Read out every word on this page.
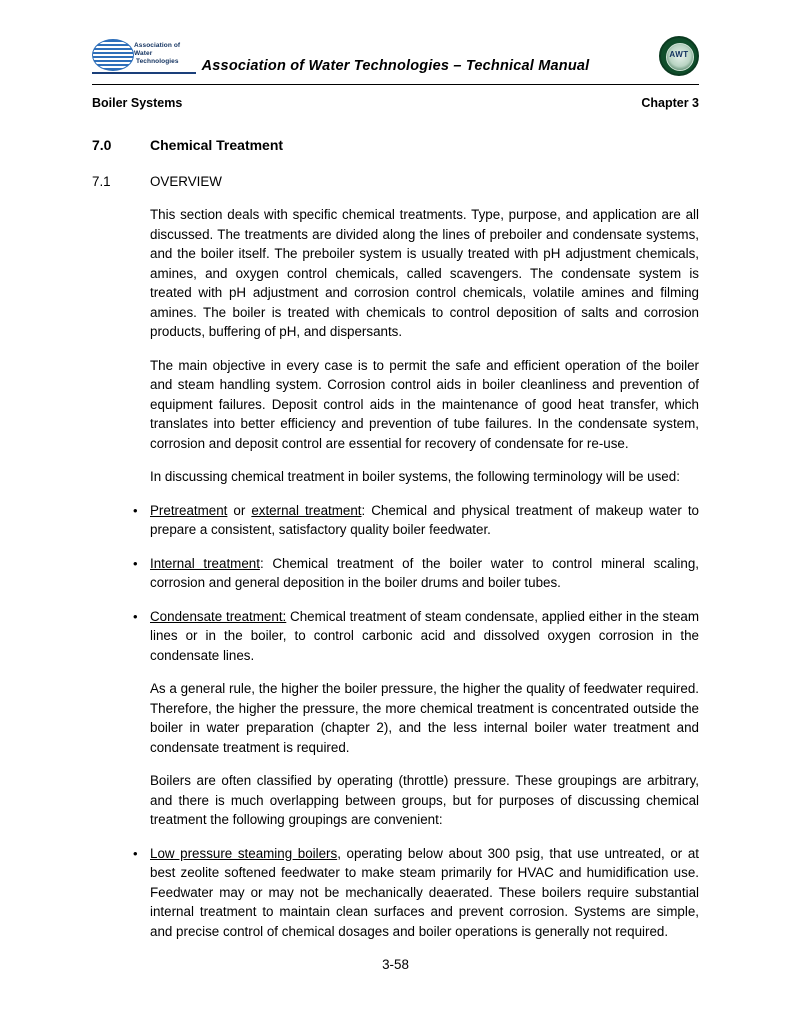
Association of Water
Technologies	Association of Water Technologies – Technical Manual
AWT
Boiler Systems	Chapter 3
7.0	Chemical Treatment
7.1	OVERVIEW

This section deals with specific chemical treatments. Type, purpose, and application are all discussed. The treatments are divided along the lines of preboiler and condensate systems, and the boiler itself. The preboiler system is usually treated with pH adjustment chemicals, amines, and oxygen control chemicals, called scavengers. The condensate system is treated with pH adjustment and corrosion control chemicals, volatile amines and filming amines. The boiler is treated with chemicals to control deposition of salts and corrosion products, buffering of pH, and dispersants.

The main objective in every case is to permit the safe and efficient operation of the boiler and steam handling system. Corrosion control aids in boiler cleanliness and prevention of equipment failures. Deposit control aids in the maintenance of good heat transfer, which translates into better efficiency and prevention of tube failures. In the condensate system, corrosion and deposit control are essential for recovery of condensate for re-use.

In discussing chemical treatment in boiler systems, the following terminology will be used:

• Pretreatment or external treatment: Chemical and physical treatment of makeup water to prepare a consistent, satisfactory quality boiler feedwater.
• Internal treatment: Chemical treatment of the boiler water to control mineral scaling, corrosion and general deposition in the boiler drums and boiler tubes.
• Condensate treatment: Chemical treatment of steam condensate, applied either in the steam lines or in the boiler, to control carbonic acid and dissolved oxygen corrosion in the condensate lines.

As a general rule, the higher the boiler pressure, the higher the quality of feedwater required. Therefore, the higher the pressure, the more chemical treatment is concentrated outside the boiler in water preparation (chapter 2), and the less internal boiler water treatment and condensate treatment is required.

Boilers are often classified by operating (throttle) pressure. These groupings are arbitrary, and there is much overlapping between groups, but for purposes of discussing chemical treatment the following groupings are convenient:

• Low pressure steaming boilers, operating below about 300 psig, that use untreated, or at best zeolite softened feedwater to make steam primarily for HVAC and humidification use. Feedwater may or may not be mechanically deaerated. These boilers require substantial internal treatment to maintain clean surfaces and prevent corrosion. Systems are simple, and precise control of chemical dosages and boiler operations is generally not required.
3-58
